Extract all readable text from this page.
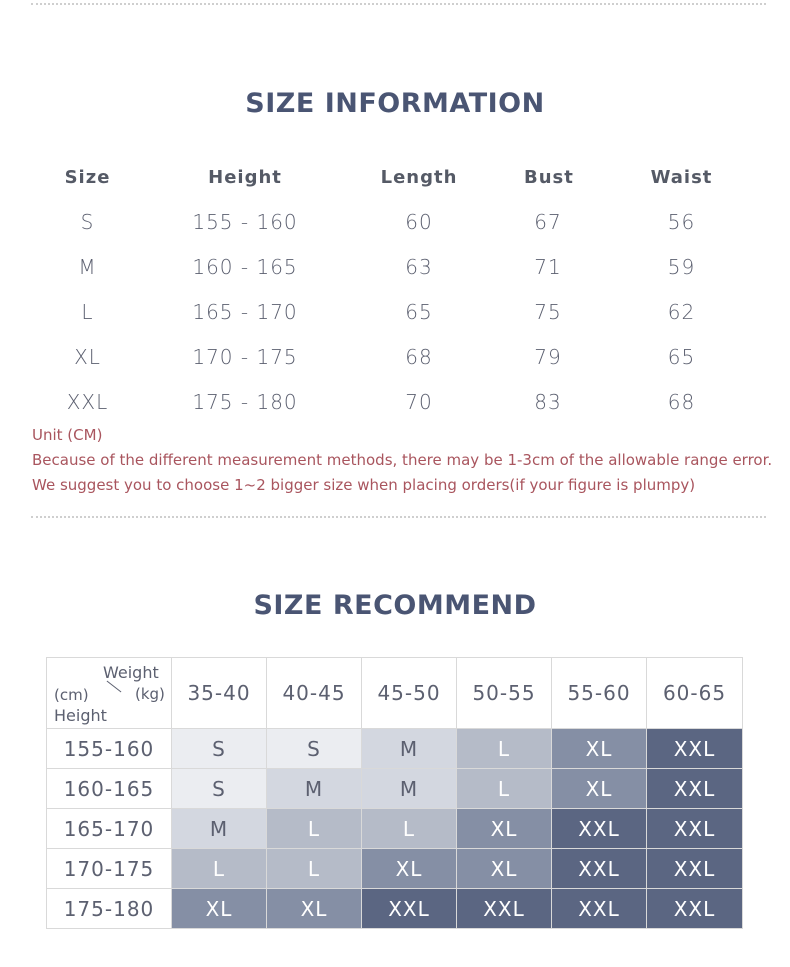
SIZE INFORMATION
Size	Height	Length	Bust	Waist
S	155 - 160	60	67	56
M	160 - 165	63	71	59
L	165 - 170	65	75	62
XL	170 - 175	68	79	65
XXL	175 - 180	70	83	68
Unit (CM)
Because of the different measurement methods, there may be 1-3cm of the allowable range error.
We suggest you to choose 1~2 bigger size when placing orders(if your figure is plumpy)
SIZE RECOMMEND
Weight
(kg)
(cm)
Height	35-40	40-45	45-50	50-55	55-60	60-65
155-160	S	S	M	L	XL	XXL
160-165	S	M	M	L	XL	XXL
165-170	M	L	L	XL	XXL	XXL
170-175	L	L	XL	XL	XXL	XXL
175-180	XL	XL	XXL	XXL	XXL	XXL
